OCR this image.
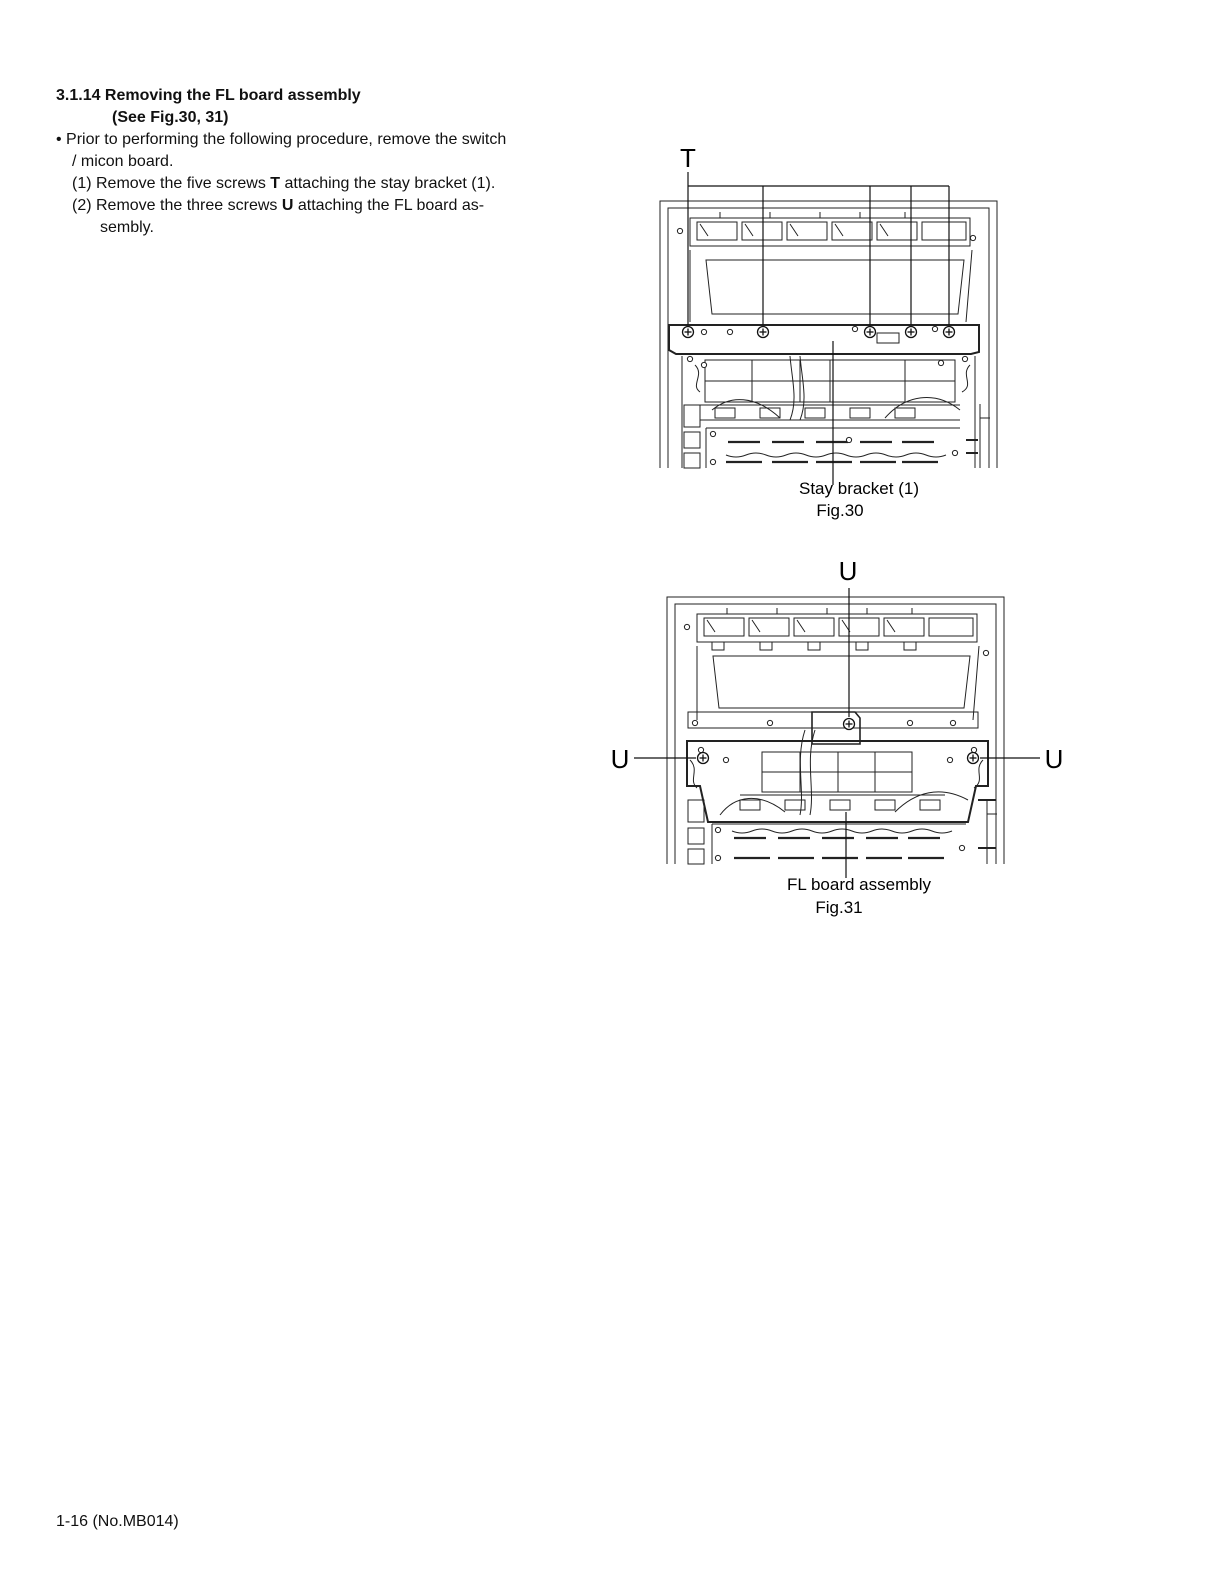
3.1.14 Removing the FL board assembly
(See Fig.30, 31)
• Prior to performing the following procedure, remove the switch
/ micon board.
(1) Remove the five screws T attaching the stay bracket (1).
(2) Remove the three screws U attaching the FL board as-
sembly.
T
Stay bracket (1)
Fig.30
U
U	U
FL board assembly
Fig.31
1-16 (No.MB014)
